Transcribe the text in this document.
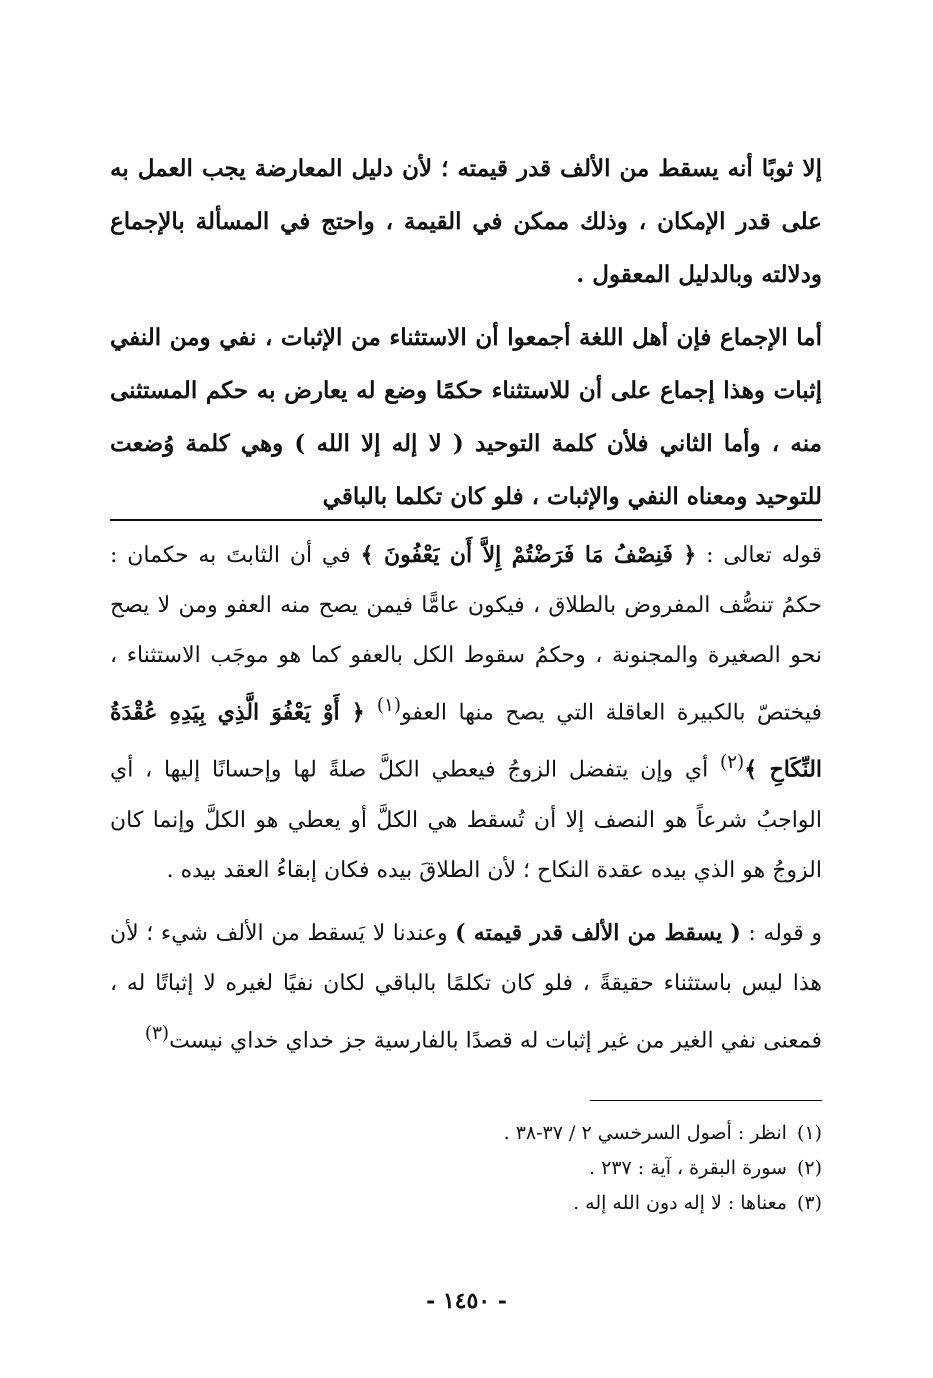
إلا ثوبًا أنه يسقط من الألف قدر قيمته ؛ لأن دليل المعارضة يجب العمل به على قدر الإمكان ، وذلك ممكن في القيمة ، واحتج في المسألة بالإجماع ودلالته وبالدليل المعقول .

أما الإجماع فإن أهل اللغة أجمعوا أن الاستثناء من الإثبات ، نفي ومن النفي إثبات وهذا إجماع على أن للاستثناء حكمًا وضع له يعارض به حكم المستثنى منه ، وأما الثاني فلأن كلمة التوحيد ( لا إله إلا الله ) وهي كلمة وُضعت للتوحيد ومعناه النفي والإثبات ، فلو كان تكلما بالباقي

قوله تعالى : ﴿ فَنِصْفُ مَا فَرَضْتُمْ إِلاَّ أَن يَعْفُونَ ﴾ في أن الثابتَ به حكمان : حكمُ تنصُّف المفروض بالطلاق ، فيكون عامًّا فيمن يصح منه العفو ومن لا يصح نحو الصغيرة والمجنونة ، وحكمُ سقوط الكل بالعفو كما هو موجَب الاستثناء ، فيختصّ بالكبيرة العاقلة التي يصح منها العفو$^{(١)}$ ﴿ أَوْ يَعْفُوَ الَّذِي بِيَدِهِ عُقْدَةُ النِّكَاحِ ﴾$^{(٢)}$ أي وإن يتفضل الزوجُ فيعطي الكلَّ صلةً لها وإحسانًا إليها ، أي الواجبُ شرعاً هو النصف إلا أن تُسقط هي الكلَّ أو يعطي هو الكلَّ وإنما كان الزوجُ هو الذي بيده عقدة النكاح ؛ لأن الطلاقَ بيده فكان إبقاءُ العقد بيده .

و قوله : ( يسقط من الألف قدر قيمته ) وعندنا لا يَسقط من الألف شيء ؛ لأن هذا ليس باستثناء حقيقةً ، فلو كان تكلمًا بالباقي لكان نفيًا لغيره لا إثباتًا له ، فمعنى نفي الغير من غير إثبات له قصدًا بالفارسية جز خداي خداي نيست$^{(٣)}$

(١)انظر : أصول السرخسي ٢ / ٣٧-٣٨ .
(٢)سورة البقرة ، آية : ٢٣٧ .
(٣)معناها : لا إله دون الله إله .
- ١٤٥٠ -
